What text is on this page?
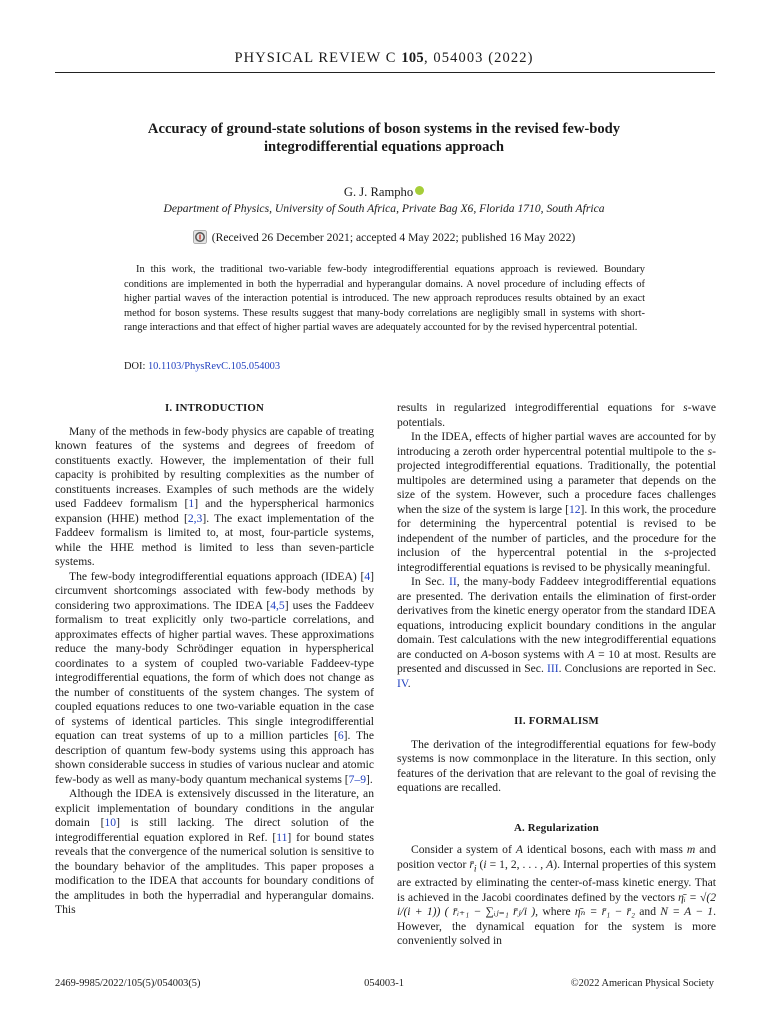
PHYSICAL REVIEW C 105, 054003 (2022)
Accuracy of ground-state solutions of boson systems in the revised few-body integrodifferential equations approach
G. J. Rampho
Department of Physics, University of South Africa, Private Bag X6, Florida 1710, South Africa
(Received 26 December 2021; accepted 4 May 2022; published 16 May 2022)
In this work, the traditional two-variable few-body integrodifferential equations approach is reviewed. Boundary conditions are implemented in both the hyperradial and hyperangular domains. A novel procedure of including effects of higher partial waves of the interaction potential is introduced. The new approach reproduces results obtained by an exact method for boson systems. These results suggest that many-body correlations are negligibly small in systems with short-range interactions and that effect of higher partial waves are adequately accounted for by the revised hypercentral potential.
DOI: 10.1103/PhysRevC.105.054003
I. INTRODUCTION

Many of the methods in few-body physics are capable of treating known features of the systems and degrees of freedom of constituents exactly. However, the implementation of their full capacity is prohibited by resulting complexities as the number of constituents increases. Examples of such methods are the widely used Faddeev formalism [1] and the hyperspherical harmonics expansion (HHE) method [2,3]. The exact implementation of the Faddeev formalism is limited to, at most, four-particle systems, while the HHE method is limited to less than seven-particle systems.

The few-body integrodifferential equations approach (IDEA) [4] circumvent shortcomings associated with few-body methods by considering two approximations. The IDEA [4,5] uses the Faddeev formalism to treat explicitly only two-particle correlations, and approximates effects of higher partial waves. These approximations reduce the many-body Schrödinger equation in hyperspherical coordinates to a system of coupled two-variable Faddeev-type integrodifferential equations, the form of which does not change as the number of constituents of the system changes. The system of coupled equations reduces to one two-variable equation in the case of systems of identical particles. This single integrodifferential equation can treat systems of up to a million particles [6]. The description of quantum few-body systems using this approach has shown considerable success in studies of various nuclear and atomic few-body as well as many-body quantum mechanical systems [7–9].

Although the IDEA is extensively discussed in the literature, an explicit implementation of boundary conditions in the angular domain [10] is still lacking. The direct solution of the integrodifferential equation explored in Ref. [11] for bound states reveals that the convergence of the numerical solution is sensitive to the boundary behavior of the amplitudes. This paper proposes a modification to the IDEA that accounts for boundary conditions of the amplitudes in both the hyperradial and hyperangular domains. This

results in regularized integrodifferential equations for s-wave potentials.

In the IDEA, effects of higher partial waves are accounted for by introducing a zeroth order hypercentral potential multipole to the s-projected integrodifferential equations. Traditionally, the potential multipoles are determined using a parameter that depends on the size of the system. However, such a procedure faces challenges when the size of the system is large [12]. In this work, the procedure for determining the hypercentral potential is revised to be independent of the number of particles, and the procedure for the inclusion of the hypercentral potential in the s-projected integrodifferential equations is revised to be physically meaningful.

In Sec. II, the many-body Faddeev integrodifferential equations are presented. The derivation entails the elimination of first-order derivatives from the kinetic energy operator from the standard IDEA equations, introducing explicit boundary conditions in the angular domain. Test calculations with the new integrodifferential equations are conducted on A-boson systems with A = 10 at most. Results are presented and discussed in Sec. III. Conclusions are reported in Sec. IV.

II. FORMALISM

The derivation of the integrodifferential equations for few-body systems is now commonplace in the literature. In this section, only features of the derivation that are relevant to the goal of revising the equations are recalled.

A. Regularization

Consider a system of A identical bosons, each with mass m and position vector $r̄_i$ (i = 1, 2, . . . , A). Internal properties of this system are extracted by eliminating the center-of-mass kinetic energy. That is achieved in the Jacobi coordinates defined by the vectors η̄ᵢ = √(2 i/(i + 1)) ( r̄ᵢ₊₁ − ∑ᵢⱼ₌₁ r̄ⱼ/i ), where η̄ₙ = r̄₁ − r̄₂ and N = A − 1. However, the dynamical equation for the system is more conveniently solved in

2469-9985/2022/105(5)/054003(5)	054003-1	©2022 American Physical Society
